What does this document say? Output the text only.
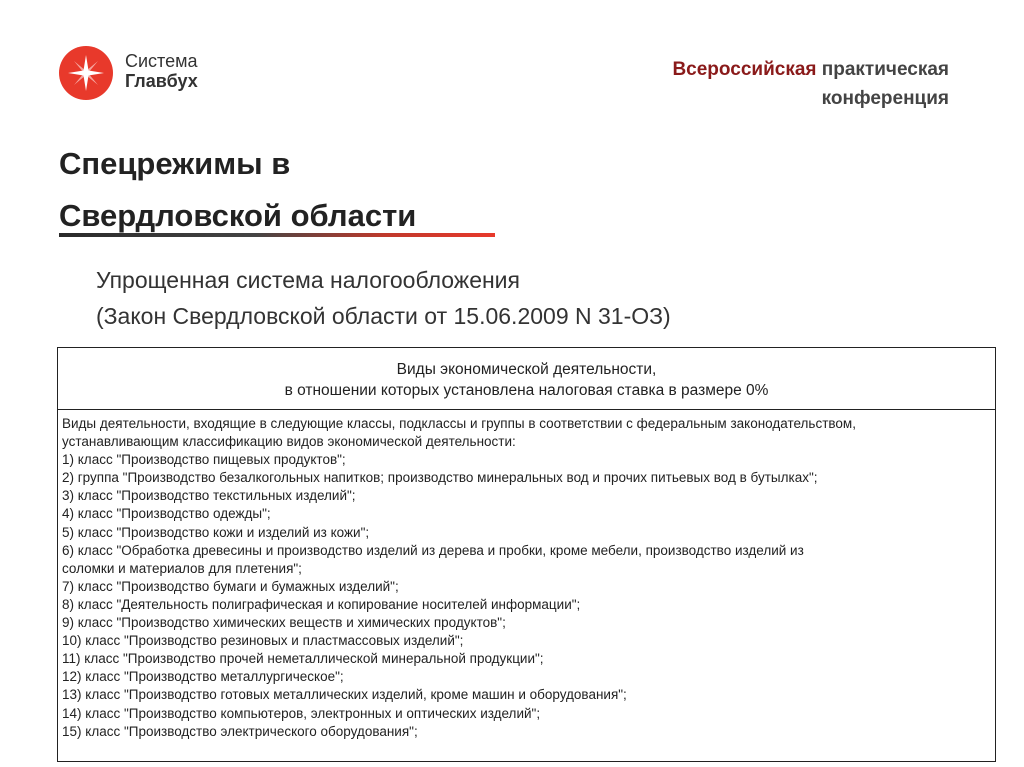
Система
Главбух
Всероссийская практическая
конференция
Спецрежимы в
Свердловской области
Упрощенная система налогообложения
(Закон Свердловской области от 15.06.2009 N 31-ОЗ)
Виды экономической деятельности,
в отношении которых установлена налоговая ставка в размере 0%
Виды деятельности, входящие в следующие классы, подклассы и группы в соответствии с федеральным законодательством,
устанавливающим классификацию видов экономической деятельности:
1) класс "Производство пищевых продуктов";
2) группа "Производство безалкогольных напитков; производство минеральных вод и прочих питьевых вод в бутылках";
3) класс "Производство текстильных изделий";
4) класс "Производство одежды";
5) класс "Производство кожи и изделий из кожи";
6) класс "Обработка древесины и производство изделий из дерева и пробки, кроме мебели, производство изделий из
соломки и материалов для плетения";
7) класс "Производство бумаги и бумажных изделий";
8) класс "Деятельность полиграфическая и копирование носителей информации";
9) класс "Производство химических веществ и химических продуктов";
10) класс "Производство резиновых и пластмассовых изделий";
11) класс "Производство прочей неметаллической минеральной продукции";
12) класс "Производство металлургическое";
13) класс "Производство готовых металлических изделий, кроме машин и оборудования";
14) класс "Производство компьютеров, электронных и оптических изделий";
15) класс "Производство электрического оборудования";
